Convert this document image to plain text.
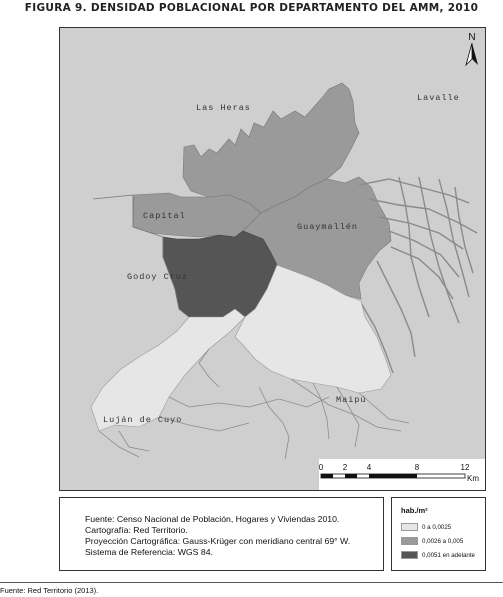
FIGURA 9. DENSIDAD POBLACIONAL POR DEPARTAMENTO DEL AMM, 2010
N
Las Heras
Lavalle
Capital
Guaymallén
Godoy Cruz
Maipú
Luján de Cuyo
0 2 4	8	12
Km
Fuente: Censo Nacional de Población, Hogares y Viviendas 2010.
Cartografía: Red Territorio.
Proyección Cartográfica: Gauss-Krüger con meridiano central 69° W.
Sistema de Referencia: WGS 84.
hab./m²
0 a 0,0025
0,0026 a 0,005
0,0051 en adelante
Fuente: Red Territorio (2013).
